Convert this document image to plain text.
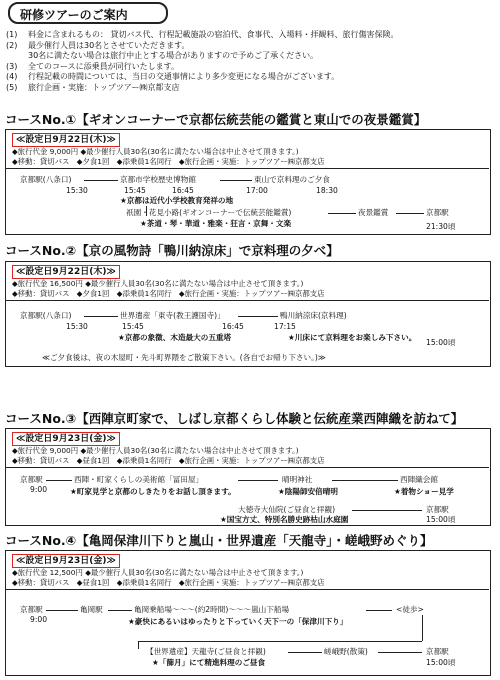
研修ツアーのご案内
(1)	料金に含まれるもの： 貸切バス代、行程記載施設の宿泊代、食事代、入場料・拝観料、旅行傷害保険。
(2)	最少催行人員は30名とさせていただきます。
30名に満たない場合は旅行中止とする場合がありますので予めご了承ください。
(3)	全てのコースに添乗員が同行いたします。
(4)	行程記載の時間については、当日の交通事情により多少変更になる場合がございます。
(5)	旅行企画・実施：トップツアー㈱京都支店
コースNo.①【ギオンコーナーで京都伝統芸能の鑑賞と東山での夜景鑑賞】
≪設定日9月22日(木)≫
◆旅行代金 9,000円 ◆最少催行人員30名(30名に満たない場合は中止させて頂きます。)
◆移動：貸切バス　◆夕食1回　◆添乗員1名同行　◆旅行企画・実施：トップツアー㈱京都支店
京都駅(八条口)	京都市学校歴史博物館	東山で京料理のご夕食
15:30	15:45	16:45	17:00	18:30
★京都は近代小学校教育発祥の地
祇園・花見小路(ギオンコーナーで伝統芸能鑑賞)	夜景鑑賞	京都駅
★茶道・琴・華道・雅楽・狂言・京舞・文楽	21:30頃
コースNo.②【京の風物詩「鴨川納涼床」で京料理の夕べ】
≪設定日9月22日(木)≫
◆旅行代金 16,500円 ◆最少催行人員30名(30名に満たない場合は中止させて頂きます。)
◆移動：貸切バス　◆夕食1回　◆添乗員1名同行　◆旅行企画・実施：トップツアー㈱京都支店
京都駅(八条口)	世界遺産「東寺(教王護国寺)」	鴨川納涼床(京料理)
15:30	15:45	16:45	17:15
★京都の象徴、木造最大の五重塔	★川床にて京料理をお楽しみ下さい。
15:00頃
≪ご夕食後は、夜の木屋町・先斗町界隈をご散策下さい。(各自でお帰り下さい。)≫
コースNo.③【西陣京町家で、しばし京都くらし体験と伝統産業西陣織を訪ねて】
≪設定日9月23日(金)≫
◆旅行代金 9,000円 ◆最少催行人員30名(30名に満たない場合は中止させて頂きます。)
◆移動：貸切バス　◆昼食1回　◆添乗員1名同行　◆旅行企画・実施：トップツアー㈱京都支店
京都駅
9:00
西陣・町家くらしの美術館「冨田屋」	晴明神社	西陣織会館
★町家見学と京都のしきたりをお話し頂きます。	★陰陽師安倍晴明	★着物ショー見学
大徳寺大仙院(ご昼食と拝観)	京都駅
★国宝方丈、特別名勝史跡枯山水庭園	15:00頃
コースNo.④【亀岡保津川下りと嵐山・世界遺産「天龍寺」・嵯峨野めぐり】
≪設定日9月23日(金)≫
◆旅行代金 12,500円 ◆最少催行人員30名(30名に満たない場合は中止させて頂きます。)
◆移動：貸切バス　◆昼食1回　◆添乗員1名同行　◆旅行企画・実施：トップツアー㈱京都支店
京都駅
9:00
亀岡駅	亀岡乗船場～～～(約2時間)～～～嵐山下船場	<徒歩>
★豪快にあるいはゆったりと下っていく天下一の「保津川下り」
【世界遺産】天龍寺(ご昼食と拝観)	嵯峨野(散策)	京都駅
★「篩月」にて精進料理のご昼食	15:00頃
